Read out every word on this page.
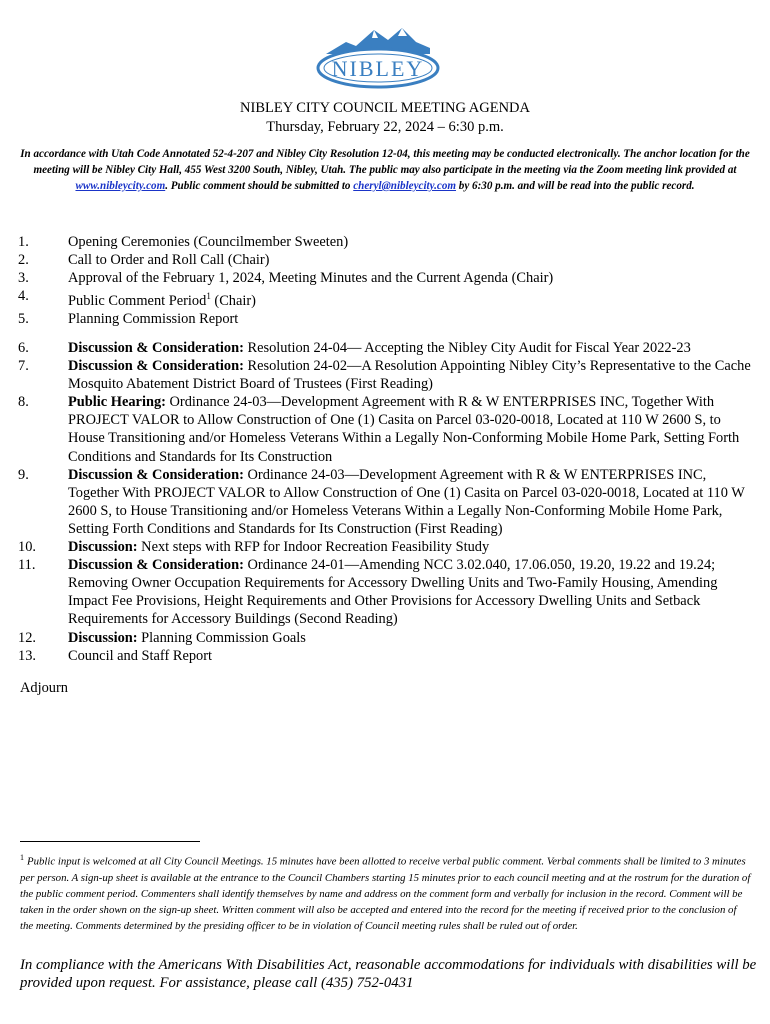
NIBLEY
NIBLEY CITY COUNCIL MEETING AGENDA
Thursday, February 22, 2024 – 6:30 p.m.
In accordance with Utah Code Annotated 52-4-207 and Nibley City Resolution 12-04, this meeting may be conducted electronically. The anchor location for the meeting will be Nibley City Hall, 455 West 3200 South, Nibley, Utah. The public may also participate in the meeting via the Zoom meeting link provided at www.nibleycity.com. Public comment should be submitted to cheryl@nibleycity.com by 6:30 p.m. and will be read into the public record.
1.	Opening Ceremonies (Councilmember Sweeten)
2.	Call to Order and Roll Call (Chair)
3.	Approval of the February 1, 2024, Meeting Minutes and the Current Agenda (Chair)
4.	Public Comment Period$^1$ (Chair)
5.	Planning Commission Report
6.	Discussion & Consideration: Resolution 24-04— Accepting the Nibley City Audit for Fiscal Year 2022-23
7.	Discussion & Consideration: Resolution 24-02—A Resolution Appointing Nibley City’s Representative to the Cache Mosquito Abatement District Board of Trustees (First Reading)
8.	Public Hearing: Ordinance 24-03—Development Agreement with R & W ENTERPRISES INC, Together With PROJECT VALOR to Allow Construction of One (1) Casita on Parcel 03-020-0018, Located at 110 W 2600 S, to House Transitioning and/or Homeless Veterans Within a Legally Non-Conforming Mobile Home Park, Setting Forth Conditions and Standards for Its Construction
9.	Discussion & Consideration: Ordinance 24-03—Development Agreement with R & W ENTERPRISES INC, Together With PROJECT VALOR to Allow Construction of One (1) Casita on Parcel 03-020-0018, Located at 110 W 2600 S, to House Transitioning and/or Homeless Veterans Within a Legally Non-Conforming Mobile Home Park, Setting Forth Conditions and Standards for Its Construction (First Reading)
10.	Discussion: Next steps with RFP for Indoor Recreation Feasibility Study
11.	Discussion & Consideration: Ordinance 24-01—Amending NCC 3.02.040, 17.06.050, 19.20, 19.22 and 19.24; Removing Owner Occupation Requirements for Accessory Dwelling Units and Two-Family Housing, Amending Impact Fee Provisions, Height Requirements and Other Provisions for Accessory Dwelling Units and Setback Requirements for Accessory Buildings (Second Reading)
12.	Discussion: Planning Commission Goals
13.	Council and Staff Report
Adjourn
$^1$ Public input is welcomed at all City Council Meetings. 15 minutes have been allotted to receive verbal public comment. Verbal comments shall be limited to 3 minutes per person. A sign-up sheet is available at the entrance to the Council Chambers starting 15 minutes prior to each council meeting and at the rostrum for the duration of the public comment period. Commenters shall identify themselves by name and address on the comment form and verbally for inclusion in the record. Comment will be taken in the order shown on the sign-up sheet. Written comment will also be accepted and entered into the record for the meeting if received prior to the conclusion of the meeting. Comments determined by the presiding officer to be in violation of Council meeting rules shall be ruled out of order.
In compliance with the Americans With Disabilities Act, reasonable accommodations for individuals with disabilities will be provided upon request. For assistance, please call (435) 752-0431
